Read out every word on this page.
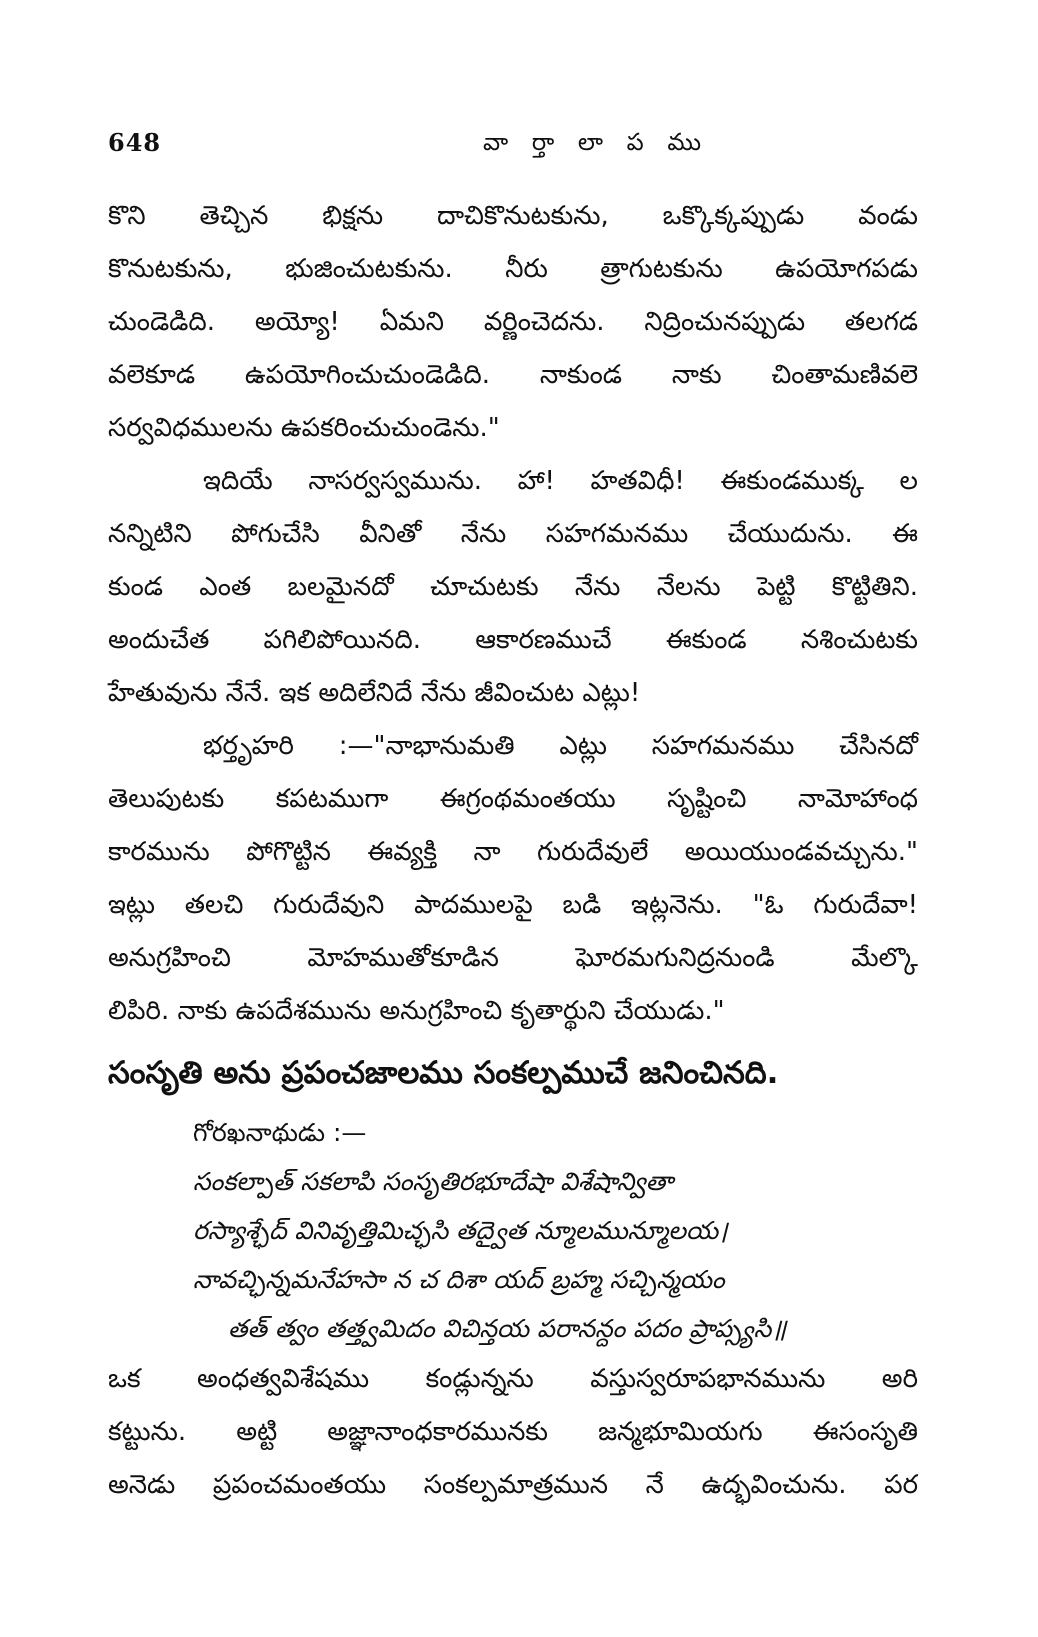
648	వా ర్తా లా ప ము
కొని తెచ్చిన భిక్షను దాచికొనుటకును, ఒక్కొక్కప్పుడు వండు
కొనుటకును, భుజించుటకును. నీరు త్రాగుటకును ఉపయోగపడు
చుండెడిది. అయ్యో! ఏమని వర్ణించెదను. నిద్రించునప్పుడు తలగడ
వలెకూడ ఉపయోగించుచుండెడిది. నాకుండ నాకు చింతామణివలె
సర్వవిధములను ఉపకరించుచుండెను."
ఇదియే నాసర్వస్వమును. హా! హతవిధీ! ఈకుండముక్క ల
నన్నిటిని పోగుచేసి వీనితో నేను సహగమనము చేయుదును. ఈ
కుండ ఎంత బలమైనదో చూచుటకు నేను నేలను పెట్టి కొట్టితిని.
అందుచేత పగిలిపోయినది. ఆకారణముచే ఈకుండ నశించుటకు
హేతువును నేనే. ఇక అదిలేనిదే నేను జీవించుట ఎట్లు!
భర్తృహరి :—"నాభానుమతి ఎట్లు సహగమనము చేసినదో
తెలుపుటకు కపటముగా ఈగ్రంథమంతయు సృష్టించి నామోహాంధ
కారమును పోగొట్టిన ఈవ్యక్తి నా గురుదేవులే అయియుండవచ్చును."
ఇట్లు తలచి గురుదేవుని పాదములపై బడి ఇట్లనెను. "ఓ గురుదేవా!
అనుగ్రహించి మోహముతోకూడిన ఘోరమగునిద్రనుండి మేల్కొ
లిపిరి. నాకు ఉపదేశమును అనుగ్రహించి కృతార్థుని చేయుడు."
సంసృతి అను ప్రపంచజాలము సంకల్పముచే జనించినది.
గోరఖనాథుడు :—
సంకల్పాత్ సకలాపి సంసృతిరభూదేషా విశేషాన్వితా
రస్యాశ్ఛేద్ వినివృత్తిమిచ్ఛసి తద్వైత న్మూలమున్మూలయ।
నావచ్ఛిన్నమనేహసా న చ దిశా యద్ బ్రహ్మ సచ్చిన్మయం
తత్ త్వం తత్త్వమిదం విచిన్తయ పరానన్దం పదం ప్రాప్స్యసి॥
ఒక అంధత్వవిశేషము కండ్లున్నను వస్తుస్వరూపభానమును అరి
కట్టును. అట్టి అజ్ఞానాంధకారమునకు జన్మభూమియగు ఈసంసృతి
అనెడు ప్రపంచమంతయు సంకల్పమాత్రమున నే ఉద్భవించును. పర
